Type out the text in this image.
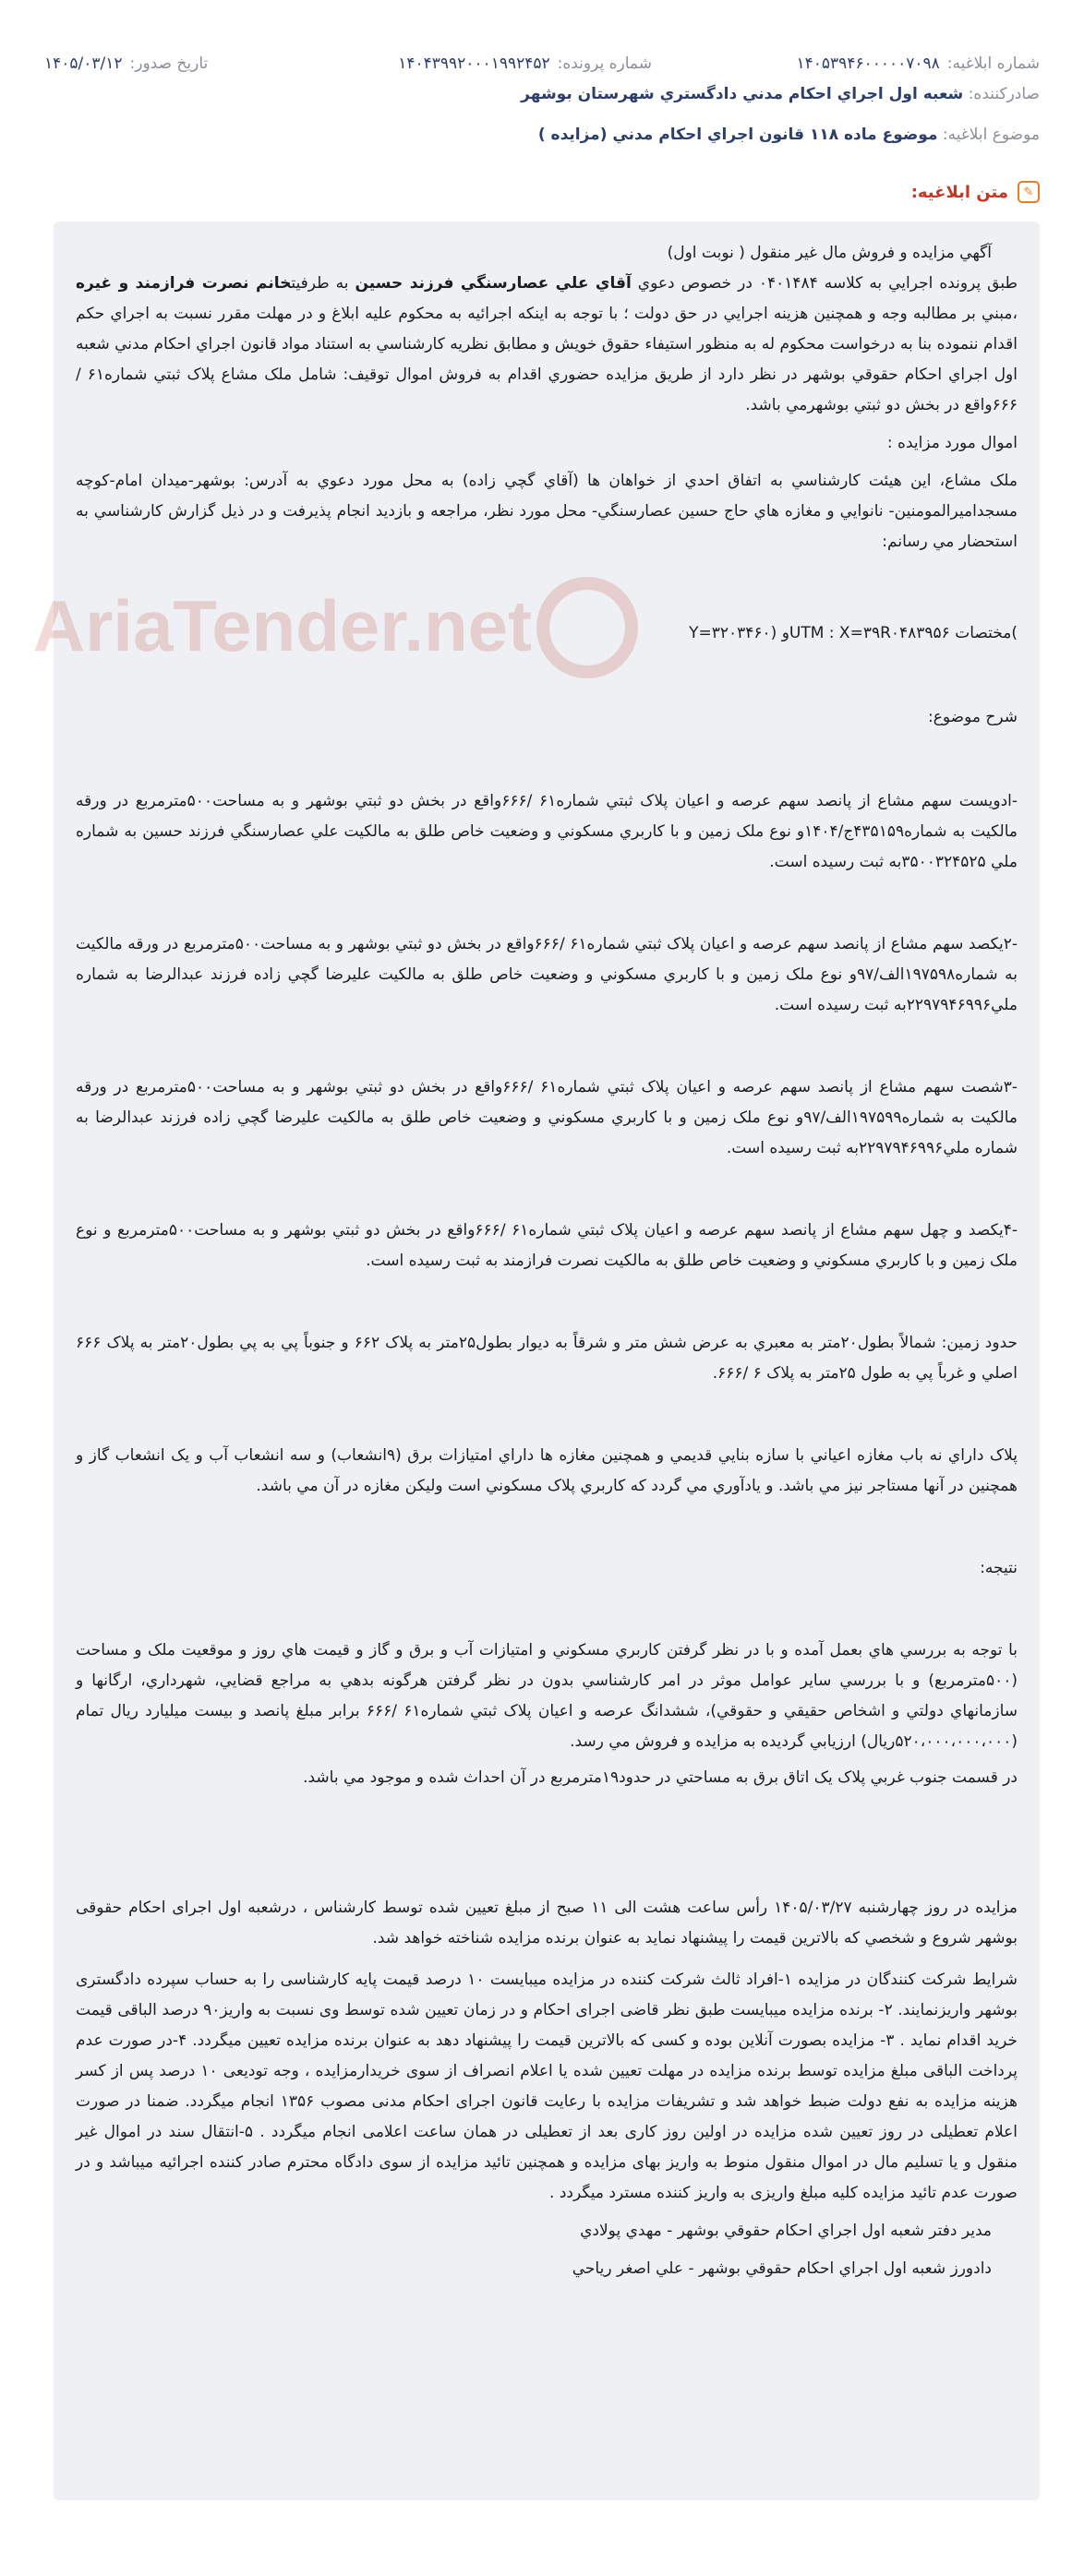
شماره ابلاغيه:
۱۴۰۵۳۹۴۶۰۰۰۰۰۷۰۹۸
شماره پرونده:
۱۴۰۴۳۹۹۲۰۰۰۱۹۹۲۴۵۲
تاريخ صدور:
۱۴۰۵/۰۳/۱۲
صادرکننده: شعبه اول اجراي احکام مدني دادگستري شهرستان بوشهر
موضوع ابلاغيه: موضوع ماده ۱۱۸ قانون اجراي احکام مدني (مزايده )
✎
متن ابلاغيه:
AriaTender.net

آگهي مزايده و فروش مال غير منقول ( نوبت اول)

طبق پرونده اجرايي به کلاسه ۰۴۰۱۴۸۴ در خصوص دعوي آقاي علي عصارسنگي فرزند حسين به طرفيتخانم نصرت فرازمند و غيره ،مبني بر مطالبه وجه و همچنين هزينه اجرايي در حق دولت ؛ با توجه به اينکه اجرائيه به محکوم عليه ابلاغ و در مهلت مقرر نسبت به اجراي حکم اقدام ننموده بنا به درخواست محکوم له به منظور استيفاء حقوق خويش و مطابق نظريه کارشناسي به استناد مواد قانون اجراي احکام مدني شعبه اول اجراي احکام حقوقي بوشهر در نظر دارد از طريق مزايده حضوري اقدام به فروش اموال توقيف: شامل ملک مشاع پلاک ثبتي شماره۶۱ /۶۶۶واقع در بخش دو ثبتي بوشهرمي باشد.

اموال مورد مزايده :

ملک مشاع، اين هيئت کارشناسي به اتفاق احدي از خواهان ها (آقاي گچي زاده) به محل مورد دعوي به آدرس: بوشهر-ميدان امام-کوچه مسجدامیرالمومنين- نانوايي و مغازه هاي حاج حسين عصارسنگي- محل مورد نظر، مراجعه و بازديد انجام پذيرفت و در ذيل گزارش کارشناسي به استحضار مي رسانم:

)مختصات UTM : X=۳۹R۰۴۸۳۹۵۶و (Y=۳۲۰۳۴۶۰

شرح موضوع:

-ادويست سهم مشاع از پانصد سهم عرصه و اعيان پلاک ثبتي شماره۶۱ /۶۶۶واقع در بخش دو ثبتي بوشهر و به مساحت۵۰۰مترمربع در ورقه مالکيت به شماره۴۳۵۱۵۹ج/۱۴۰۴و نوع ملک زمين و با کاربري مسکوني و وضعيت خاص طلق به مالکيت علي عصارسنگي فرزند حسين به شماره ملي ۳۵۰۰۳۲۴۵۲۵به ثبت رسيده است.

-۲يکصد سهم مشاع از پانصد سهم عرصه و اعيان پلاک ثبتي شماره۶۱ /۶۶۶واقع در بخش دو ثبتي بوشهر و به مساحت۵۰۰مترمربع در ورقه مالکيت به شماره۱۹۷۵۹۸الف/۹۷و نوع ملک زمين و با کاربري مسکوني و وضعيت خاص طلق به مالکيت عليرضا گچي زاده فرزند عبدالرضا به شماره ملي۲۲۹۷۹۴۶۹۹۶به ثبت رسيده است.

-۳شصت سهم مشاع از پانصد سهم عرصه و اعيان پلاک ثبتي شماره۶۱ /۶۶۶واقع در بخش دو ثبتي بوشهر و به مساحت۵۰۰مترمربع در ورقه مالکيت به شماره۱۹۷۵۹۹الف/۹۷و نوع ملک زمين و با کاربري مسکوني و وضعيت خاص طلق به مالکيت عليرضا گچي زاده فرزند عبدالرضا به شماره ملي۲۲۹۷۹۴۶۹۹۶به ثبت رسيده است.

-۴يکصد و چهل سهم مشاع از پانصد سهم عرصه و اعيان پلاک ثبتي شماره۶۱ /۶۶۶واقع در بخش دو ثبتي بوشهر و به مساحت۵۰۰مترمربع و نوع ملک زمين و با کاربري مسکوني و وضعيت خاص طلق به مالکيت نصرت فرازمند به ثبت رسيده است.

حدود زمين: شمالاً بطول۲۰متر به معبري به عرض شش متر و شرقاً به ديوار بطول۲۵متر به پلاک ۶۶۲ و جنوباً پي به پي بطول۲۰متر به پلاک ۶۶۶ اصلي و غرباً پي به طول ۲۵متر به پلاک ۶ /۶۶۶.

پلاک داراي نه باب مغازه اعياني با سازه بنايي قديمي و همچنين مغازه ها داراي امتيازات برق (۹انشعاب) و سه انشعاب آب و يک انشعاب گاز و همچنين در آنها مستاجر نيز مي باشد. و يادآوري مي گردد که کاربري پلاک مسکوني است وليکن مغازه در آن مي باشد.

نتيجه:

با توجه به بررسي هاي بعمل آمده و با در نظر گرفتن کاربري مسکوني و امتيازات آب و برق و گاز و قيمت هاي روز و موقعيت ملک و مساحت (۵۰۰مترمربع) و با بررسي ساير عوامل موثر در امر کارشناسي بدون در نظر گرفتن هرگونه بدهي به مراجع قضايي، شهرداري، ارگانها و سازمانهاي دولتي و اشخاص حقيقي و حقوقي)، ششدانگ عرصه و اعيان پلاک ثبتي شماره۶۱ /۶۶۶ برابر مبلغ پانصد و بيست ميليارد ريال تمام (۵۲۰،۰۰۰،۰۰۰،۰۰۰ريال) ارزيابي گرديده به مزايده و فروش مي رسد.

در قسمت جنوب غربي پلاک يک اتاق برق به مساحتي در حدود۱۹مترمربع در آن احداث شده و موجود مي باشد.

مزايده در روز چهارشنبه ۱۴۰۵/۰۳/۲۷ رأس ساعت هشت الی ۱۱ صبح از مبلغ تعیین شده توسط کارشناس ، درشعبه اول اجرای احکام حقوقی بوشهر شروع و شخصي که بالاترين قيمت را پيشنهاد نمايد به عنوان برنده مزايده شناخته خواهد شد.

شرایط شرکت کنندگان در مزایده ۱-افراد ثالث شرکت کننده در مزایده میبایست ۱۰ درصد قیمت پایه کارشناسی را به حساب سپرده دادگستری بوشهر واریزنمایند. ۲- برنده مزایده میبایست طبق نظر قاضی اجرای احکام و در زمان تعیین شده توسط وی نسبت به واریز۹۰ درصد الباقی قیمت خرید اقدام نماید . ۳- مزایده بصورت آنلاین بوده و کسی که بالاترین قیمت را پیشنهاد دهد به عنوان برنده مزایده تعیین میگردد. ۴-در صورت عدم پرداخت الباقی مبلغ مزایده توسط برنده مزایده در مهلت تعیین شده یا اعلام انصراف از سوی خریدارمزایده ، وجه تودیعی ۱۰ درصد پس از کسر هزینه مزایده به نفع دولت ضبط خواهد شد و تشریفات مزایده با رعایت قانون اجرای احکام مدنی مصوب ۱۳۵۶ انجام میگردد. ضمنا در صورت اعلام تعطیلی در روز تعیین شده مزایده در اولین روز کاری بعد از تعطیلی در همان ساعت اعلامی انجام میگردد . ۵-انتقال سند در اموال غیر منقول و یا تسلیم مال در اموال منقول منوط به واریز بهای مزایده و همچنین تائید مزایده از سوی دادگاه محترم صادر کننده اجرائیه میباشد و در صورت عدم تائید مزایده کلیه مبلغ واریزی به واریز کننده مسترد میگردد .

مدير دفتر شعبه اول اجراي احکام حقوقي بوشهر - مهدي پولادي

دادورز شعبه اول اجراي احکام حقوقي بوشهر - علي اصغر رياحي
